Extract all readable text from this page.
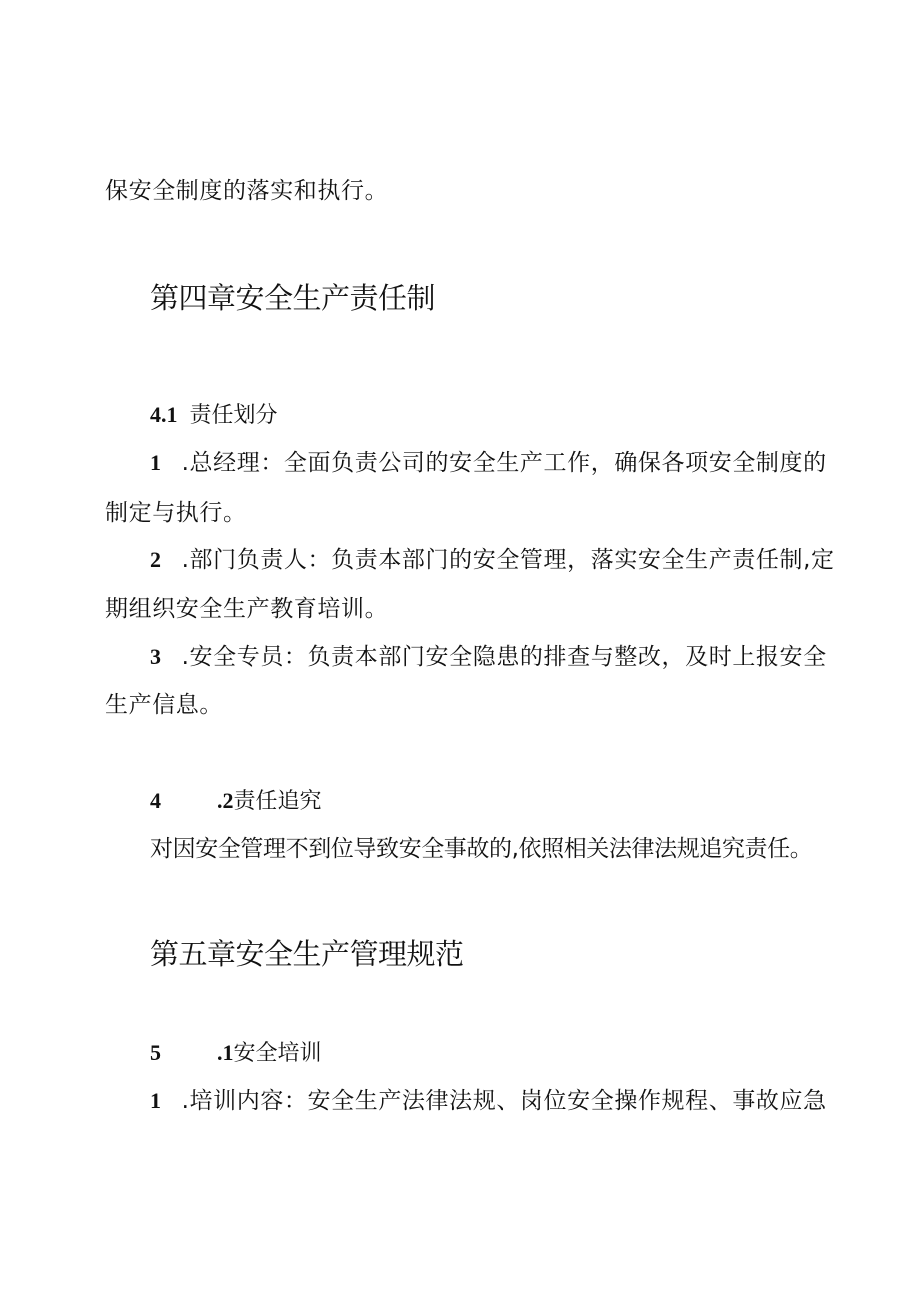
保安全制度的落实和执行。
第四章安全生产责任制
4.1 责任划分
1 .总经理：全面负责公司的安全生产工作，确保各项安全制度的
制定与执行。
2 .部门负责人：负责本部门的安全管理，落实安全生产责任制,定
期组织安全生产教育培训。
3 .安全专员：负责本部门安全隐患的排查与整改，及时上报安全
生产信息。
4	.2责任追究
对因安全管理不到位导致安全事故的,依照相关法律法规追究责任。
第五章安全生产管理规范
5	.1安全培训
1 .培训内容：安全生产法律法规、岗位安全操作规程、事故应急
